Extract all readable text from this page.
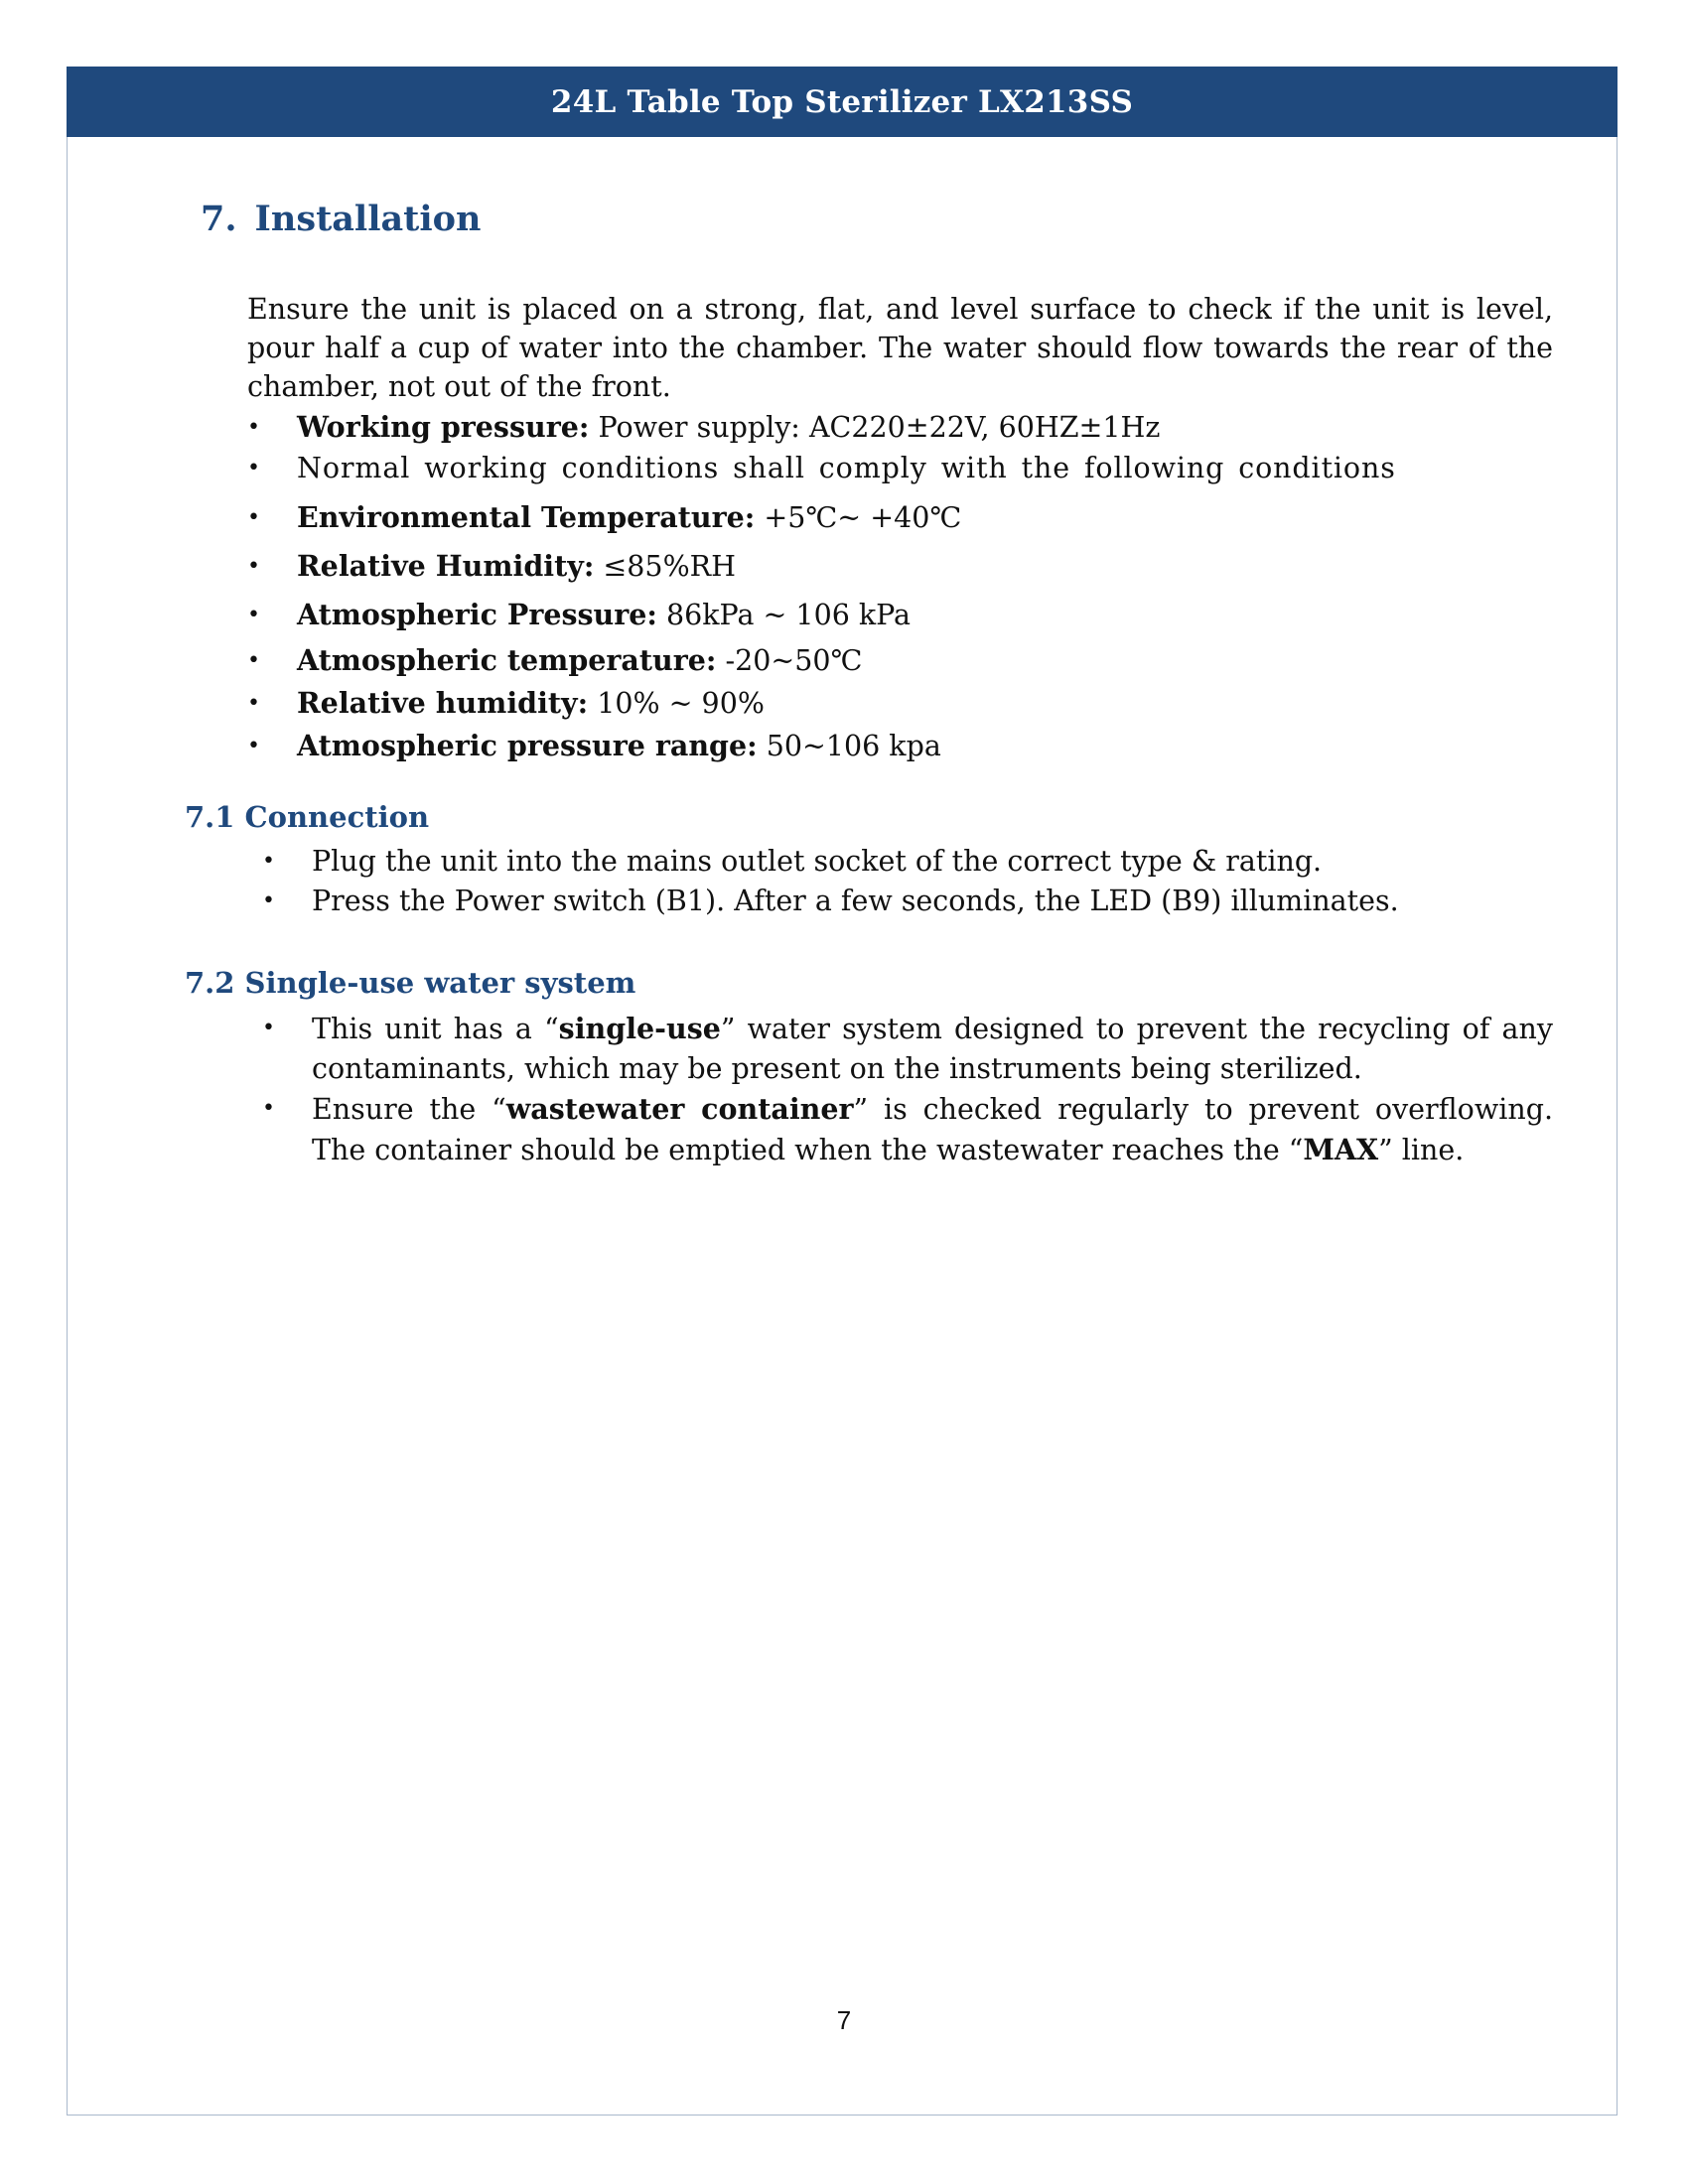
24L Table Top Sterilizer LX213SS
7. Installation

Ensure the unit is placed on a strong, flat, and level surface to check if the unit is level, pour half a cup of water into the chamber. The water should flow towards the rear of the chamber, not out of the front.

• Working pressure: Power supply: AC220±22V, 60HZ±1Hz
• Normal working conditions shall comply with the following conditions
• Environmental Temperature: +5℃~ +40℃
• Relative Humidity: ≤85%RH
• Atmospheric Pressure: 86kPa ~ 106 kPa
• Atmospheric temperature: -20~50℃
• Relative humidity: 10% ~ 90%
• Atmospheric pressure range: 50~106 kpa
7.1 Connection
• Plug the unit into the mains outlet socket of the correct type & rating.
• Press the Power switch (B1). After a few seconds, the LED (B9) illuminates.
7.2 Single-use water system
• This unit has a “single-use” water system designed to prevent the recycling of any contaminants, which may be present on the instruments being sterilized.
• Ensure the “wastewater container” is checked regularly to prevent overflowing. The container should be emptied when the wastewater reaches the “MAX” line.
7
